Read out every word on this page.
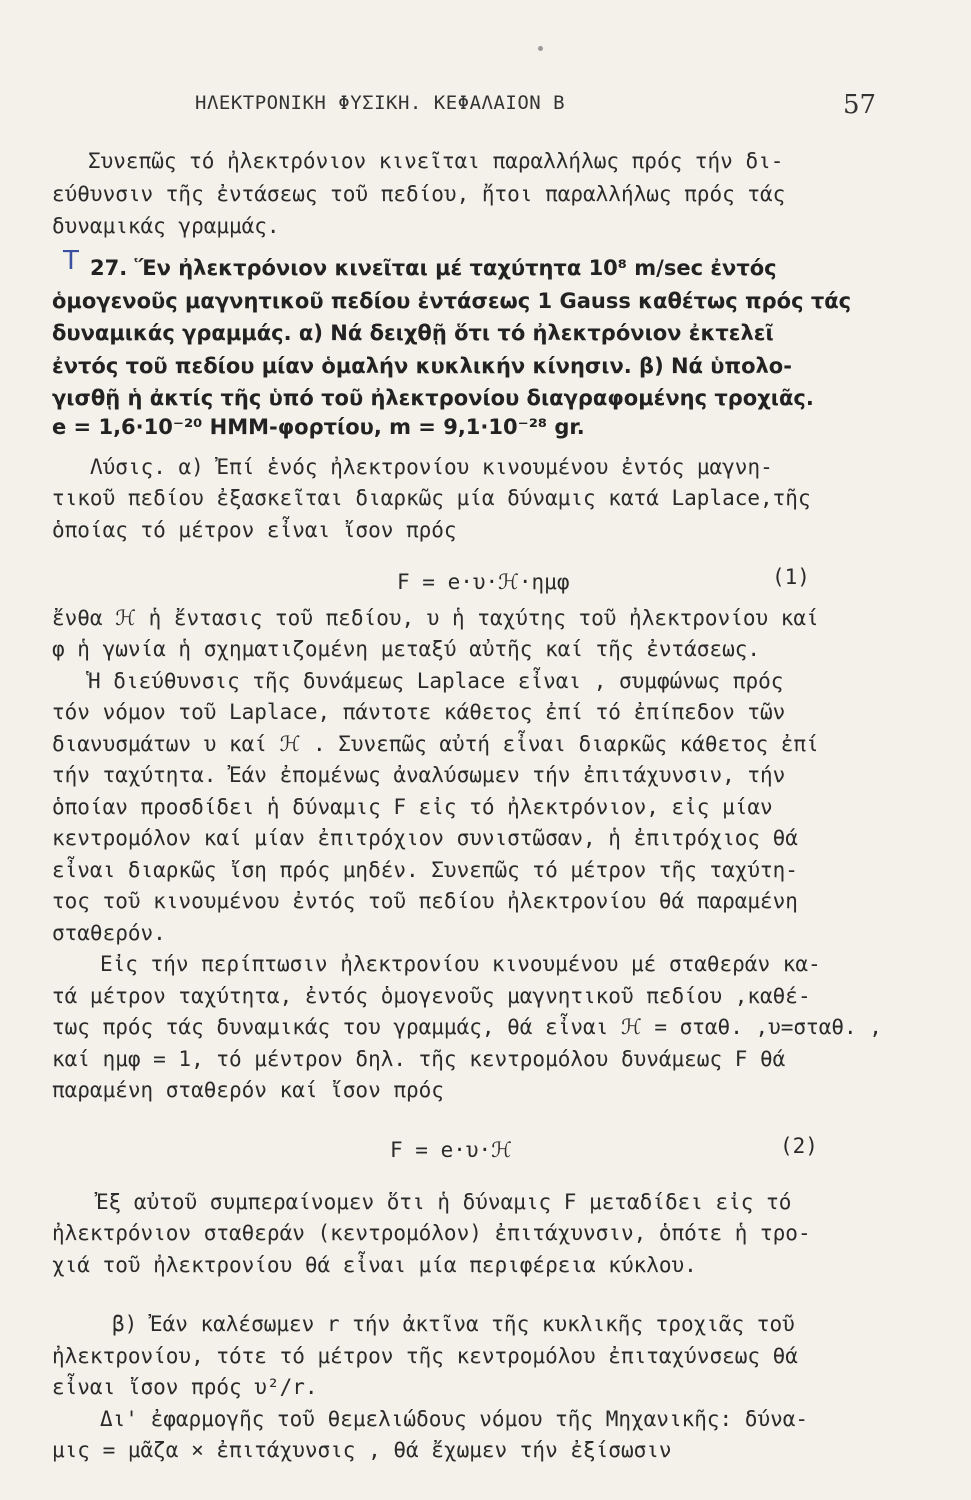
ΗΛΕΚΤΡΟΝΙΚΗ ΦΥΣΙΚΗ. ΚΕΦΑΛΑΙΟΝ Β	57
T
Συνεπῶς τό ἠλεκτρόνιον κινεῖται παραλλήλως πρός τήν δι-
εύθυνσιν τῆς ἐντάσεως τοῦ πεδίου, ἤτοι παραλλήλως πρός τάς
δυναμικάς γραμμάς.
27. Ἕν ἠλεκτρόνιον κινεῖται μέ ταχύτητα 10⁸ m/sec ἐντός
ὁμογενοῦς μαγνητικοῦ πεδίου ἐντάσεως 1 Gauss καθέτως πρός τάς
δυναμικάς γραμμάς. α) Νά δειχθῇ ὅτι τό ἠλεκτρόνιον ἐκτελεῖ
ἐντός τοῦ πεδίου μίαν ὁμαλήν κυκλικήν κίνησιν. β) Νά ὑπολο-
γισθῇ ἡ ἀκτίς τῆς ὑπό τοῦ ἠλεκτρονίου διαγραφομένης τροχιᾶς.
e = 1,6·10⁻²⁰ ΗΜΜ-φορτίου, m = 9,1·10⁻²⁸ gr.
Λύσις. α) Ἐπί ἑνός ἠλεκτρονίου κινουμένου ἐντός μαγνη-
τικοῦ πεδίου ἐξασκεῖται διαρκῶς μία δύναμις κατά Laplace,τῆς
ὁποίας τό μέτρον εἶναι ἴσον πρός
F = e·υ·ℋ·ημφ	(1)
ἔνθα ℋ ἡ ἔντασις τοῦ πεδίου, υ ἡ ταχύτης τοῦ ἠλεκτρονίου καί
φ ἡ γωνία ἡ σχηματιζομένη μεταξύ αὐτῆς καί τῆς ἐντάσεως.
Ἡ διεύθυνσις τῆς δυνάμεως Laplace εἶναι , συμφώνως πρός
τόν νόμον τοῦ Laplace, πάντοτε κάθετος ἐπί τό ἐπίπεδον τῶν
διανυσμάτων υ καί ℋ . Συνεπῶς αὐτή εἶναι διαρκῶς κάθετος ἐπί
τήν ταχύτητα. Ἐάν ἐπομένως ἀναλύσωμεν τήν ἐπιτάχυνσιν, τήν
ὁποίαν προσδίδει ἡ δύναμις F εἰς τό ἠλεκτρόνιον, εἰς μίαν
κεντρομόλον καί μίαν ἐπιτρόχιον συνιστῶσαν, ἡ ἐπιτρόχιος θά
εἶναι διαρκῶς ἴση πρός μηδέν. Συνεπῶς τό μέτρον τῆς ταχύτη-
τος τοῦ κινουμένου ἐντός τοῦ πεδίου ἠλεκτρονίου θά παραμένη
σταθερόν.
Εἰς τήν περίπτωσιν ἠλεκτρονίου κινουμένου μέ σταθεράν κα-
τά μέτρον ταχύτητα, ἐντός ὁμογενοῦς μαγνητικοῦ πεδίου ,καθέ-
τως πρός τάς δυναμικάς του γραμμάς, θά εἶναι ℋ = σταθ. ,υ=σταθ. ,
καί ημφ = 1, τό μέντρον δηλ. τῆς κεντρομόλου δυνάμεως F θά
παραμένη σταθερόν καί ἴσον πρός
F = e·υ·ℋ	(2)
Ἐξ αὐτοῦ συμπεραίνομεν ὅτι ἡ δύναμις F μεταδίδει εἰς τό
ἠλεκτρόνιον σταθεράν (κεντρομόλον) ἐπιτάχυνσιν, ὁπότε ἡ τρο-
χιά τοῦ ἠλεκτρονίου θά εἶναι μία περιφέρεια κύκλου.
β) Ἐάν καλέσωμεν r τήν ἀκτῖνα τῆς κυκλικῆς τροχιᾶς τοῦ
ἠλεκτρονίου, τότε τό μέτρον τῆς κεντρομόλου ἐπιταχύνσεως θά
εἶναι ἴσον πρός υ²/r.
Δι' ἐφαρμογῆς τοῦ θεμελιώδους νόμου τῆς Μηχανικῆς: δύνα-
μις = μᾶζα × ἐπιτάχυνσις , θά ἔχωμεν τήν ἐξίσωσιν
